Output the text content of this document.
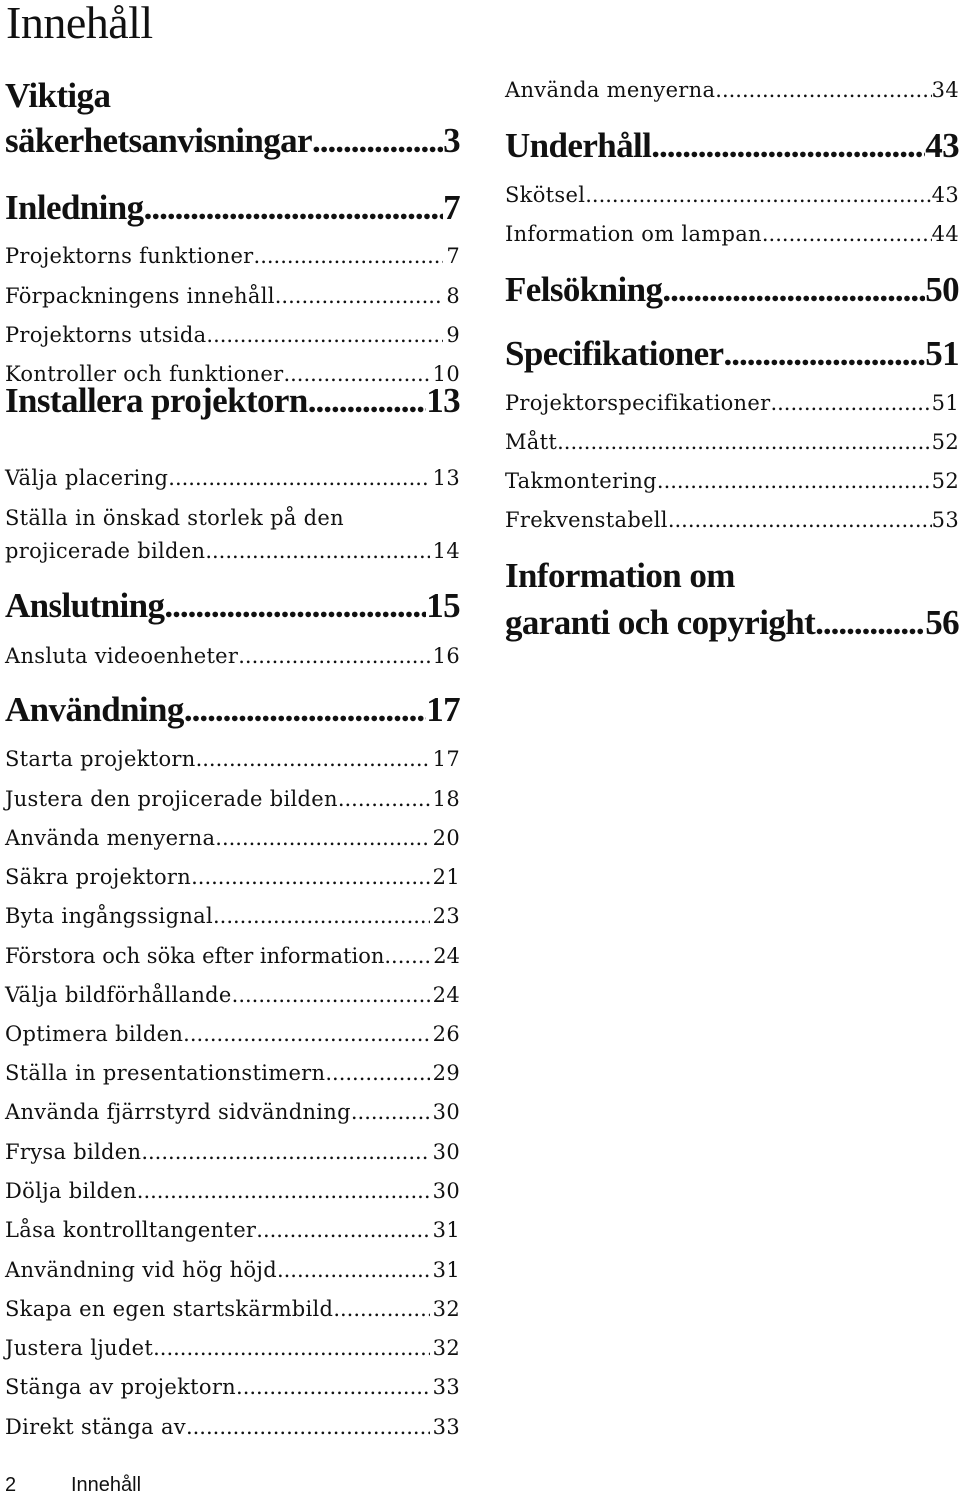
Innehåll
Viktiga
säkerhetsanvisningar .....	3
Inledning .....	7
Projektorns funktioner .....	7
Förpackningens innehåll .....	8
Projektorns utsida .....	9
Kontroller och funktioner .....	10
Installera projektorn .....	13
Välja placering .....	13
Ställa in önskad storlek på den
projicerade bilden .....	14
Anslutning .....	15
Ansluta videoenheter .....	16
Användning .....	17
Starta projektorn .....	17
Justera den projicerade bilden .....	18
Använda menyerna .....	20
Säkra projektorn .....	21
Byta ingångssignal .....	23
Förstora och söka efter information ..... 24
Välja bildförhållande .....	24
Optimera bilden .....	26
Ställa in presentationstimern .....	29
Använda fjärrstyrd sidvändning .....	30
Frysa bilden .....	30
Dölja bilden .....	30
Låsa kontrolltangenter .....	31
Användning vid hög höjd .....	31
Skapa en egen startskärmbild .....	32
Justera ljudet .....	32
Stänga av projektorn .....	33
Direkt stänga av .....	33
Använda menyerna .....	34
Underhåll .....	43
Skötsel .....	43
Information om lampan .....	44
Felsökning .....	50
Specifikationer .....	51
Projektorspecifikationer .....	51
Mått .....	52
Takmontering .....	52
Frekvenstabell .....	53
Information om
garanti och copyright .....	56
2	Innehåll
